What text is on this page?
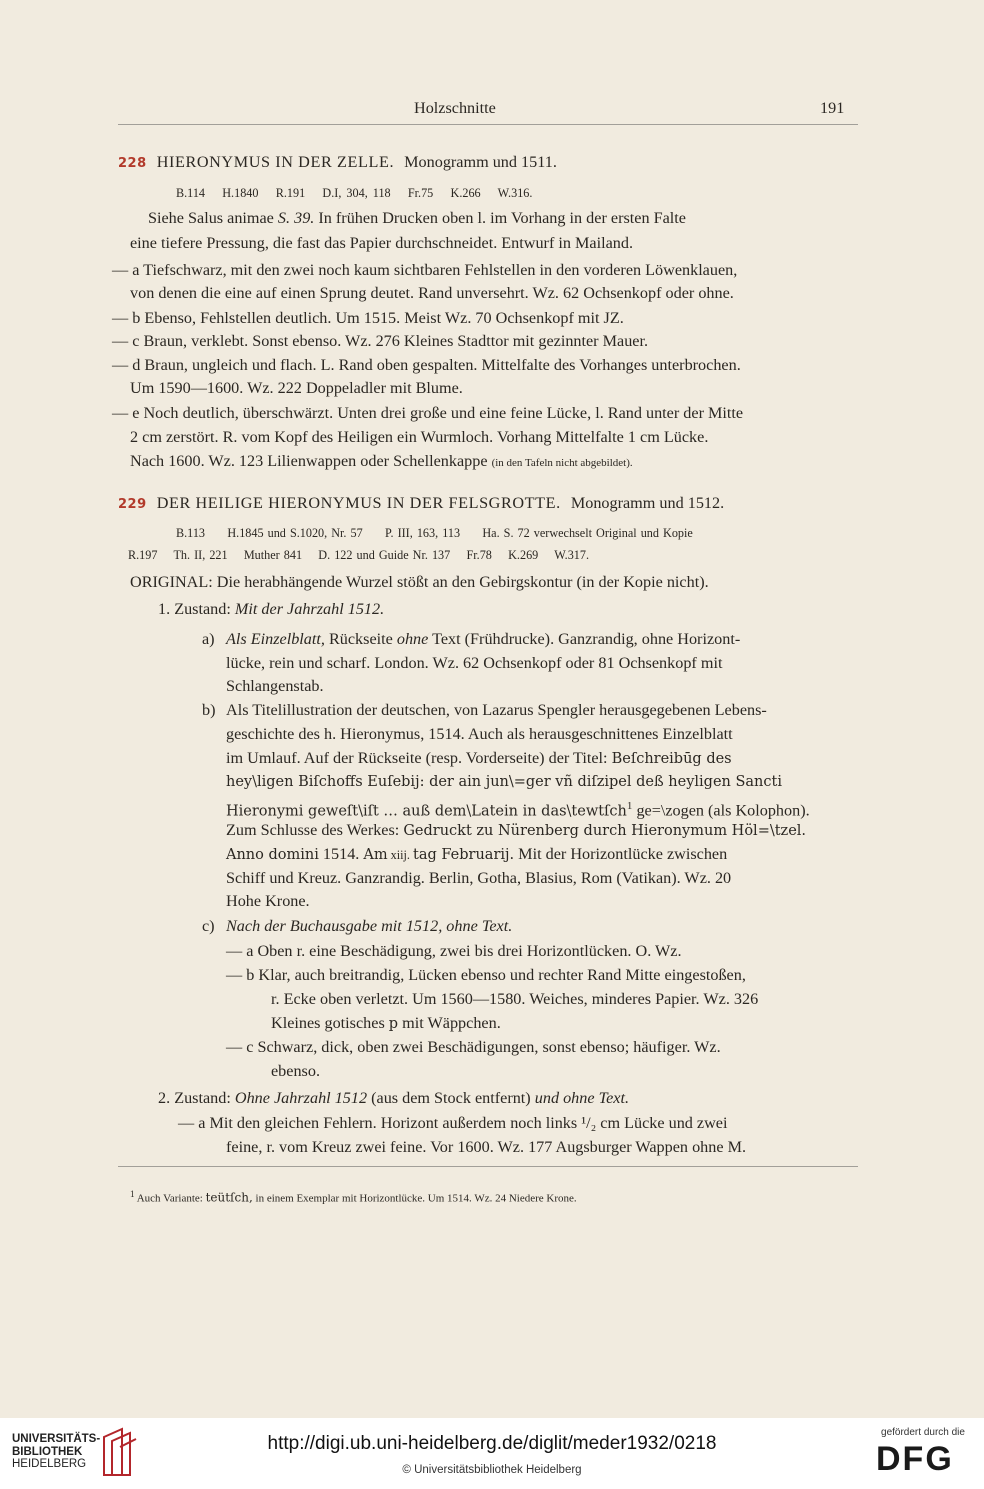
Holzschnitte	191
228 HIERONYMUS IN DER ZELLE. Monogramm und 1511.
B.114  H.1840  R.191  D.I, 304, 118  Fr.75  K.266  W.316.
Siehe Salus animae S. 39. In frühen Drucken oben l. im Vorhang in der ersten Falte
eine tiefere Pressung, die fast das Papier durchschneidet. Entwurf in Mailand.
— a Tiefschwarz, mit den zwei noch kaum sichtbaren Fehlstellen in den vorderen Löwenklauen,
von denen die eine auf einen Sprung deutet. Rand unversehrt. Wz. 62 Ochsenkopf oder ohne.
— b Ebenso, Fehlstellen deutlich. Um 1515. Meist Wz. 70 Ochsenkopf mit JZ.
— c Braun, verklebt. Sonst ebenso. Wz. 276 Kleines Stadttor mit gezinnter Mauer.
— d Braun, ungleich und flach. L. Rand oben gespalten. Mittelfalte des Vorhanges unterbrochen.
Um 1590—1600. Wz. 222 Doppeladler mit Blume.
— e Noch deutlich, überschwärzt. Unten drei große und eine feine Lücke, l. Rand unter der Mitte
2 cm zerstört. R. vom Kopf des Heiligen ein Wurmloch. Vorhang Mittelfalte 1 cm Lücke.
Nach 1600. Wz. 123 Lilienwappen oder Schellenkappe (in den Tafeln nicht abgebildet).
229 DER HEILIGE HIERONYMUS IN DER FELSGROTTE. Monogramm und 1512.
B.113   H.1845 und S.1020, Nr. 57   P. III, 163, 113   Ha. S. 72 verwechselt Original und Kopie
R.197  Th. II, 221  Muther 841  D. 122 und Guide Nr. 137  Fr.78  K.269  W.317.
ORIGINAL: Die herabhängende Wurzel stößt an den Gebirgskontur (in der Kopie nicht).
1. Zustand: Mit der Jahrzahl 1512.
a) Als Einzelblatt, Rückseite ohne Text (Frühdrucke). Ganzrandig, ohne Horizont-
lücke, rein und scharf. London. Wz. 62 Ochsenkopf oder 81 Ochsenkopf mit
Schlangenstab.
b) Als Titelillustration der deutschen, von Lazarus Spengler herausgegebenen Lebens-
geschichte des h. Hieronymus, 1514. Auch als herausgeschnittenes Einzelblatt
im Umlauf. Auf der Rückseite (resp. Vorderseite) der Titel: Beſchreibūg des
hey\ligen Biſchoffs Euſebij: der ain jun\=ger vñ diſzipel deß heyligen Sancti
Hieronymi geweſt\iſt … auß dem\Latein in das\tewtſch$^1$ ge=\zogen (als Kolophon).
Zum Schlusse des Werkes: Gedruckt zu Nürenberg durch Hieronymum Höl=\tzel.
Anno domini 1514. Am xiij. tag Februarij. Mit der Horizontlücke zwischen
Schiff und Kreuz. Ganzrandig. Berlin, Gotha, Blasius, Rom (Vatikan). Wz. 20
Hohe Krone.
c) Nach der Buchausgabe mit 1512, ohne Text.
— a Oben r. eine Beschädigung, zwei bis drei Horizontlücken. O. Wz.
— b Klar, auch breitrandig, Lücken ebenso und rechter Rand Mitte eingestoßen,
r. Ecke oben verletzt. Um 1560—1580. Weiches, minderes Papier. Wz. 326
Kleines gotisches p mit Wäppchen.
— c Schwarz, dick, oben zwei Beschädigungen, sonst ebenso; häufiger. Wz.
ebenso.
2. Zustand: Ohne Jahrzahl 1512 (aus dem Stock entfernt) und ohne Text.
— a Mit den gleichen Fehlern. Horizont außerdem noch links ¹/₂ cm Lücke und zwei
feine, r. vom Kreuz zwei feine. Vor 1600. Wz. 177 Augsburger Wappen ohne M.
$^1$ Auch Variante: teütſch, in einem Exemplar mit Horizontlücke. Um 1514. Wz. 24 Niedere Krone.
UNIVERSITÄTS-
BIBLIOTHEK
HEIDELBERG
http://digi.ub.uni-heidelberg.de/diglit/meder1932/0218
© Universitätsbibliothek Heidelberg
gefördert durch die
DFG
